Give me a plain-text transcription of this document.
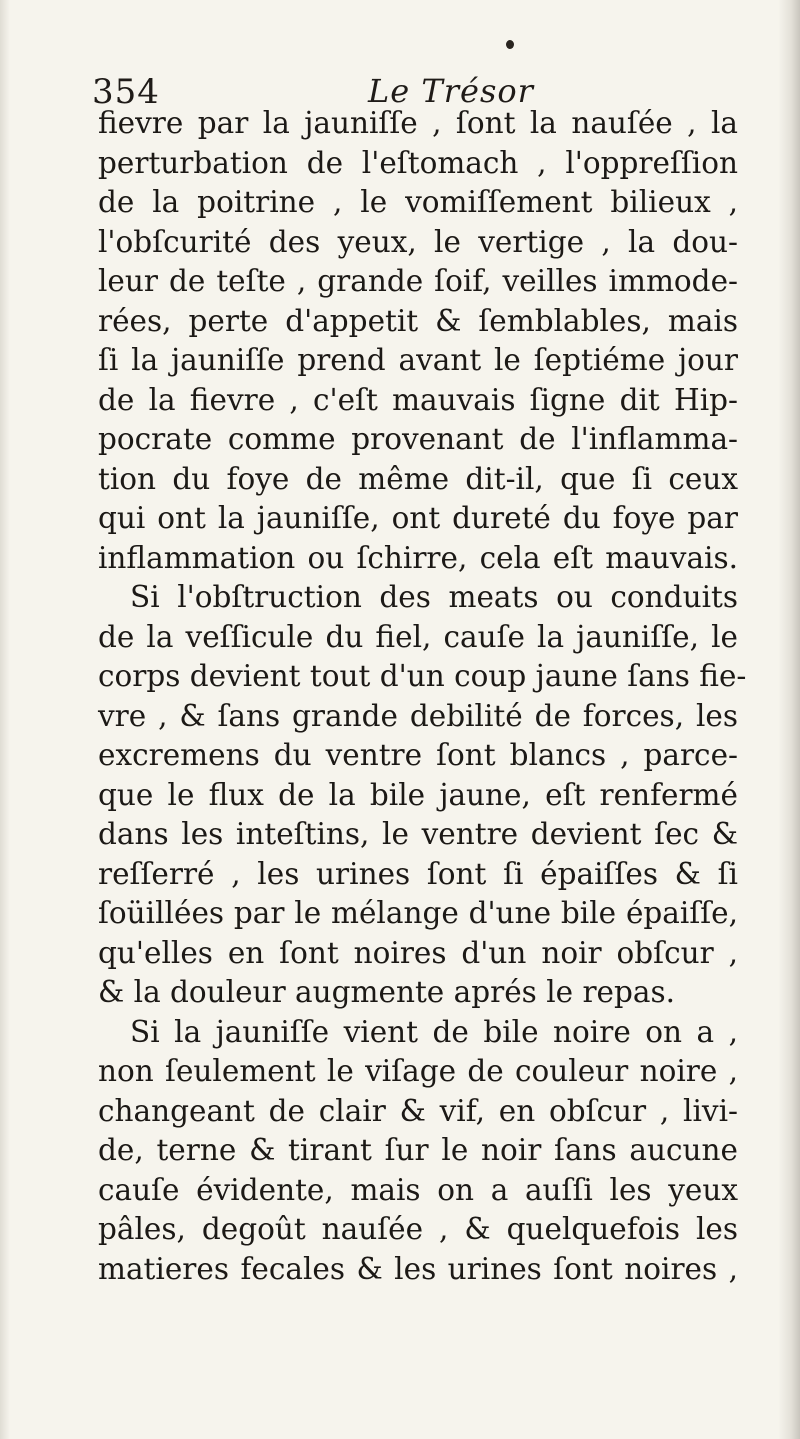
354	Le Trésor
fievre par la jauniſſe , ſont la nauſée , la
perturbation de l'eſtomach , l'oppreſſion
de la poitrine , le vomiſſement bilieux ,
l'obſcurité des yeux, le vertige , la dou-
leur de teſte , grande ſoif, veilles immode-
rées, perte d'appetit & ſemblables, mais
ſi la jauniſſe prend avant le ſeptiéme jour
de la fievre , c'eſt mauvais ſigne dit Hip-
pocrate comme provenant de l'inflamma-
tion du foye de même dit-il, que ſi ceux
qui ont la jauniſſe, ont dureté du foye par
inflammation ou ſchirre, cela eſt mauvais.
Si l'obſtruction des meats ou conduits
de la veſſicule du fiel, cauſe la jauniſſe, le
corps devient tout d'un coup jaune ſans fie-
vre , & ſans grande debilité de forces, les
excremens du ventre ſont blancs , parce-
que le flux de la bile jaune, eſt renfermé
dans les inteſtins, le ventre devient ſec &
reſſerré , les urines ſont ſi épaiſſes & ſi
ſoüillées par le mélange d'une bile épaiſſe,
qu'elles en ſont noires d'un noir obſcur ,
& la douleur augmente aprés le repas.
Si la jauniſſe vient de bile noire on a ,
non ſeulement le viſage de couleur noire ,
changeant de clair & vif, en obſcur , livi-
de, terne & tirant ſur le noir ſans aucune
cauſe évidente, mais on a auſſi les yeux
pâles, degoût nauſée , & quelquefois les
matieres fecales & les urines ſont noires ,
